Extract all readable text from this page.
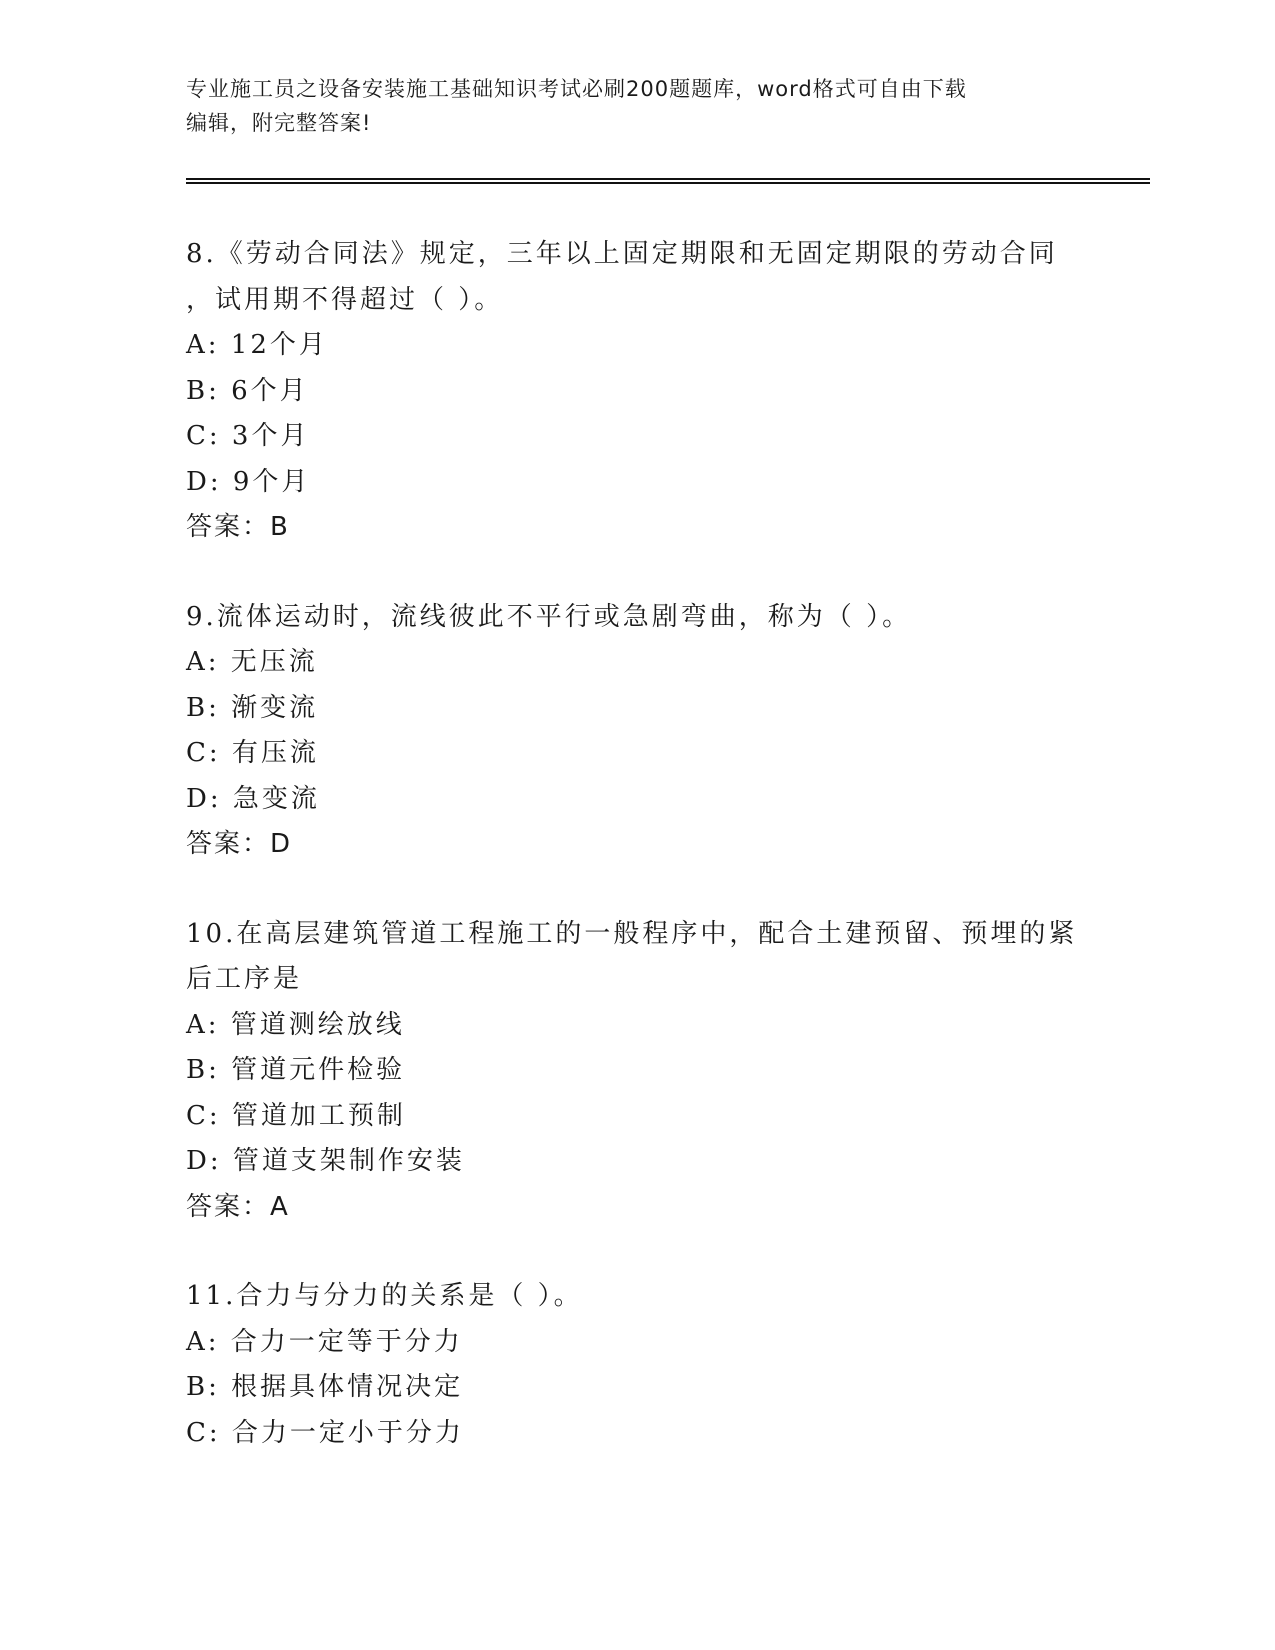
专业施工员之设备安装施工基础知识考试必刷200题题库，word格式可自由下载
编辑，附完整答案!
8.《劳动合同法》规定，三年以上固定期限和无固定期限的劳动合同
，试用期不得超过（ ）。
A: 12个月
B: 6个月
C: 3个月
D: 9个月
答案：B
9.流体运动时，流线彼此不平行或急剧弯曲，称为（ ）。
A: 无压流
B: 渐变流
C: 有压流
D: 急变流
答案：D
10.在高层建筑管道工程施工的一般程序中，配合土建预留、预埋的紧
后工序是
A: 管道测绘放线
B: 管道元件检验
C: 管道加工预制
D: 管道支架制作安装
答案：A
11.合力与分力的关系是（ ）。
A: 合力一定等于分力
B: 根据具体情况决定
C: 合力一定小于分力
